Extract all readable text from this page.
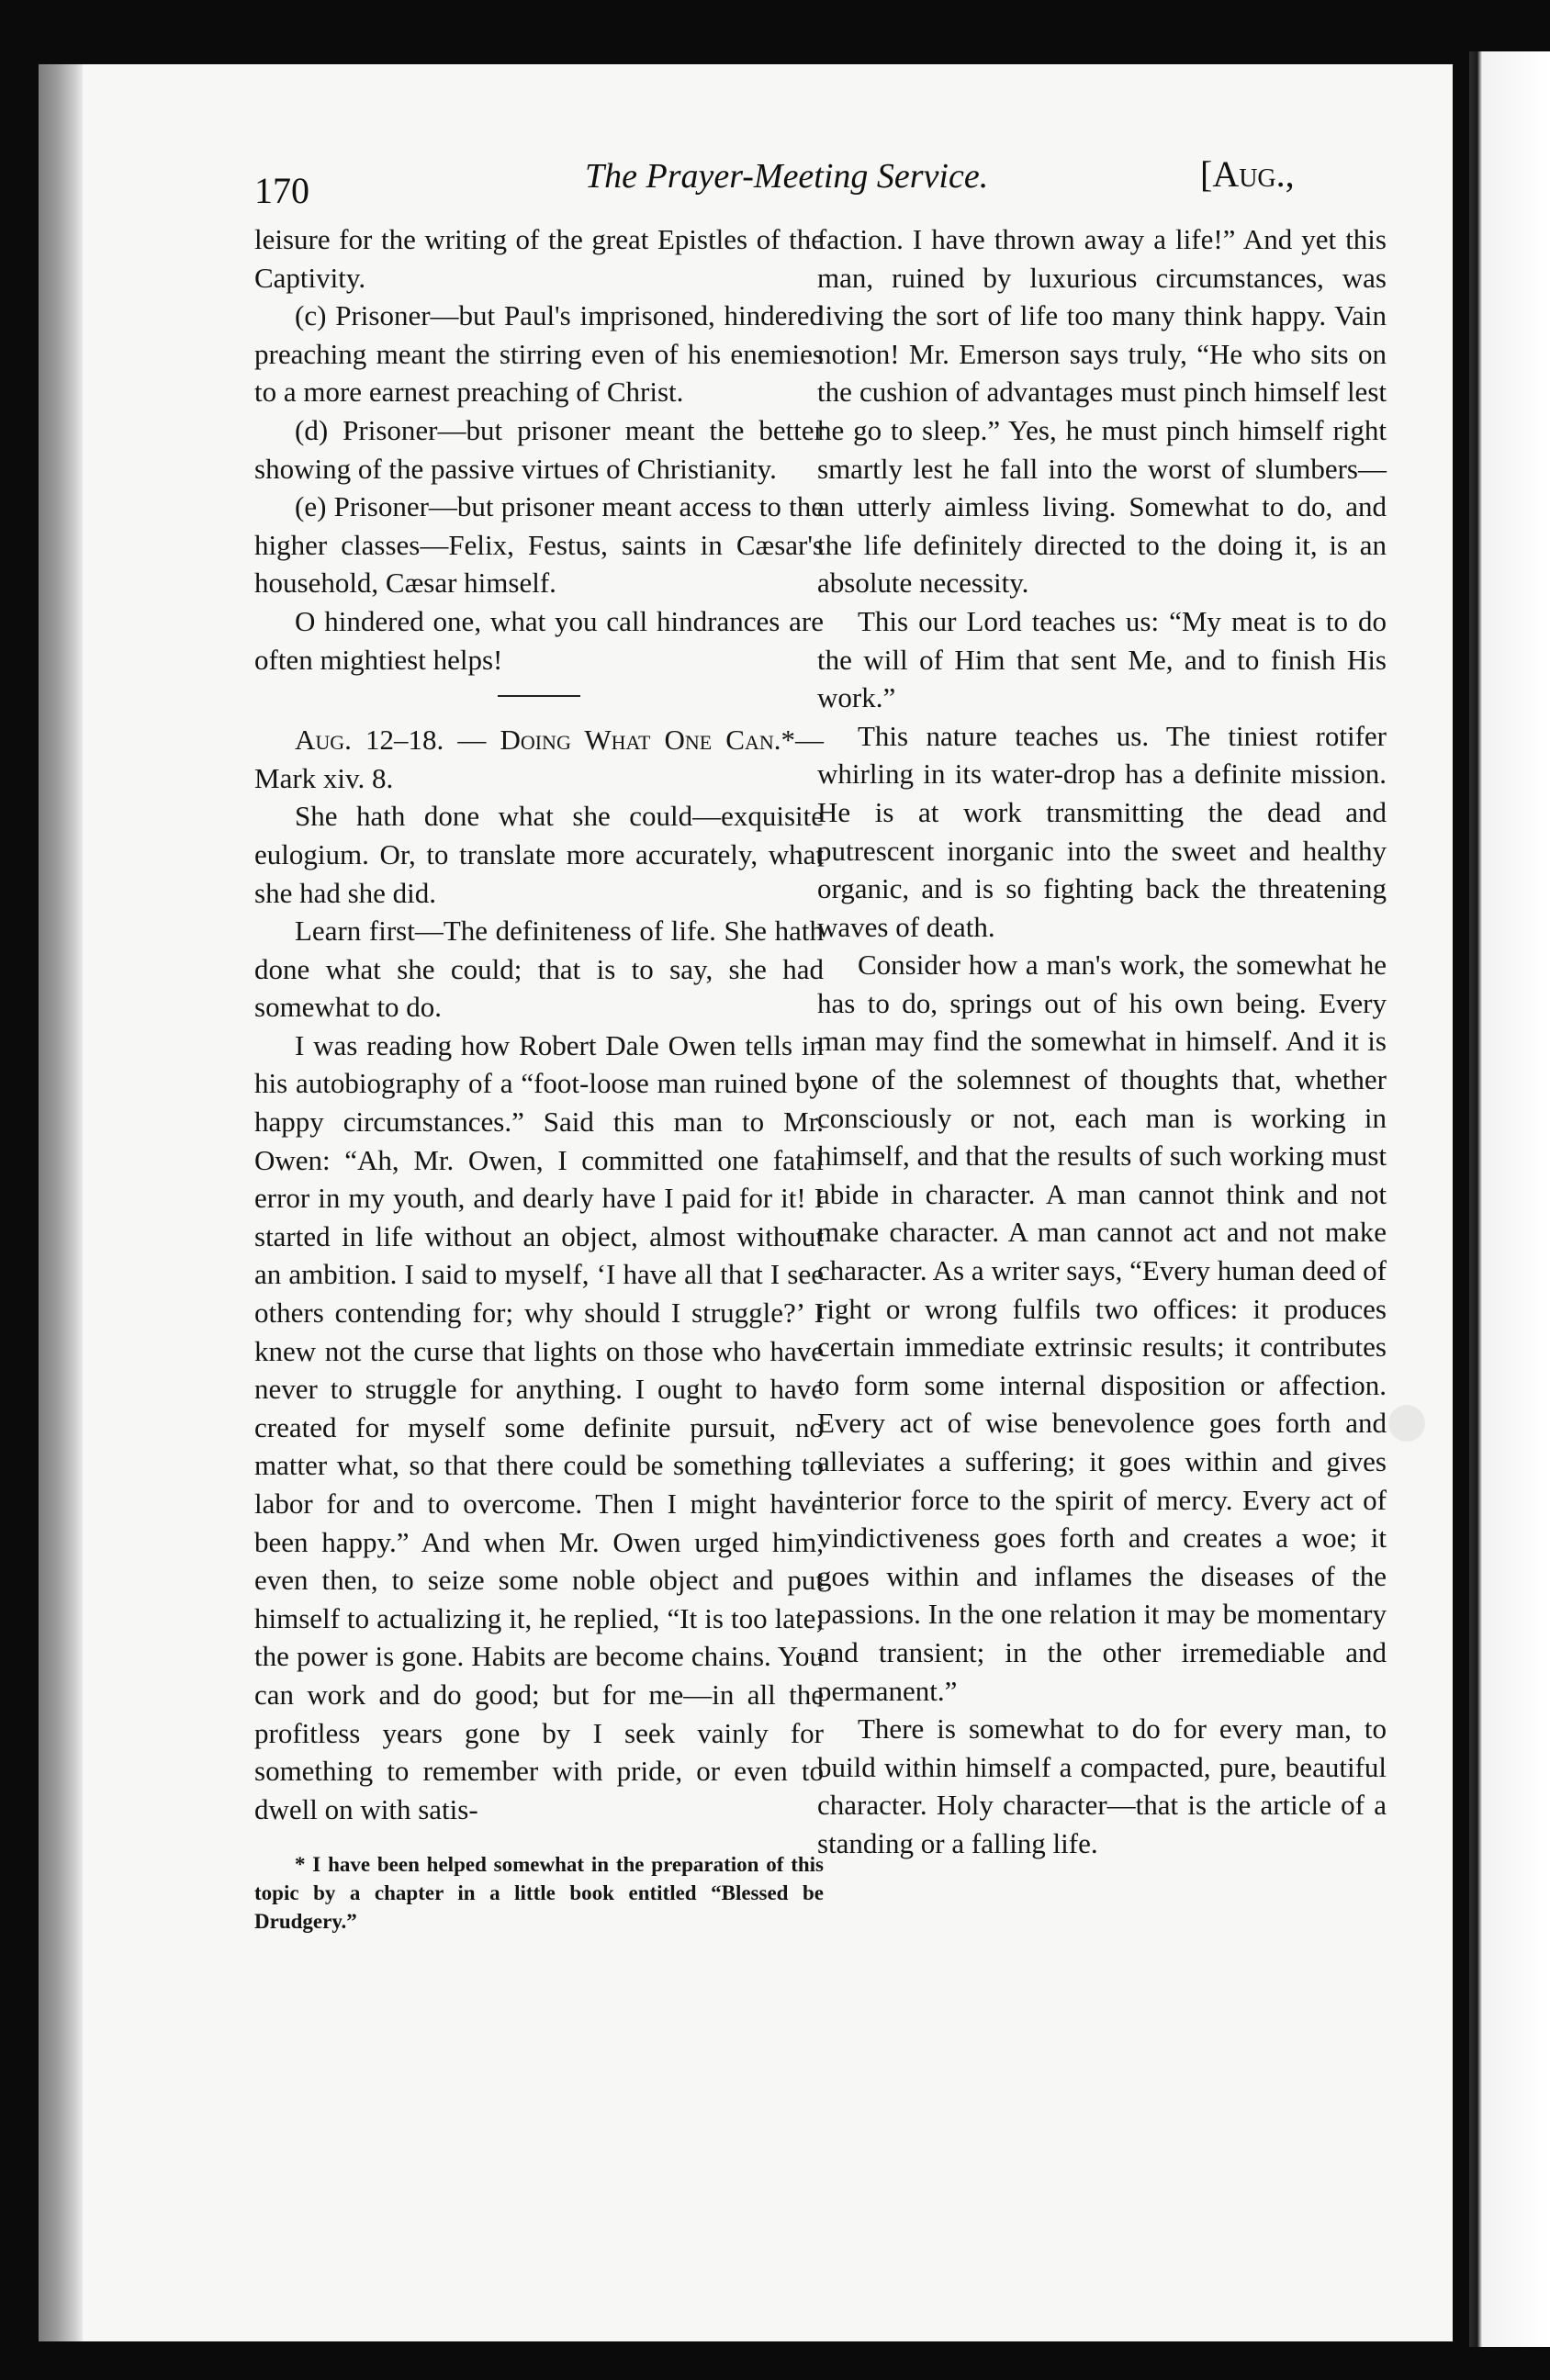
170	The Prayer-Meeting Service.	[Aug.,

leisure for the writing of the great Epistles of the Captivity.

(c) Prisoner—but Paul's imprisoned, hindered preaching meant the stirring even of his enemies to a more earnest preaching of Christ.

(d) Prisoner—but prisoner meant the better showing of the passive virtues of Christianity.

(e) Prisoner—but prisoner meant access to the higher classes—Felix, Festus, saints in Cæsar's household, Cæsar himself.

O hindered one, what you call hindrances are often mightiest helps!

Aug. 12–18. — Doing What One Can.*—Mark xiv. 8.

She hath done what she could—exquisite eulogium. Or, to translate more accurately, what she had she did.

Learn first—The definiteness of life. She hath done what she could; that is to say, she had somewhat to do.

I was reading how Robert Dale Owen tells in his autobiography of a “foot-loose man ruined by happy circumstances.” Said this man to Mr. Owen: “Ah, Mr. Owen, I committed one fatal error in my youth, and dearly have I paid for it! I started in life without an object, almost without an ambition. I said to myself, ‘I have all that I see others contending for; why should I struggle?’ I knew not the curse that lights on those who have never to struggle for anything. I ought to have created for myself some definite pursuit, no matter what, so that there could be something to labor for and to overcome. Then I might have been happy.” And when Mr. Owen urged him, even then, to seize some noble object and put himself to actualizing it, he replied, “It is too late; the power is gone. Habits are become chains. You can work and do good; but for me—in all the profitless years gone by I seek vainly for something to remember with pride, or even to dwell on with satis-

* I have been helped somewhat in the preparation of this topic by a chapter in a little book entitled “Blessed be Drudgery.”

faction. I have thrown away a life!” And yet this man, ruined by luxurious circumstances, was living the sort of life too many think happy. Vain notion! Mr. Emerson says truly, “He who sits on the cushion of advantages must pinch himself lest he go to sleep.” Yes, he must pinch himself right smartly lest he fall into the worst of slumbers—an utterly aimless living. Somewhat to do, and the life definitely directed to the doing it, is an absolute necessity.

This our Lord teaches us: “My meat is to do the will of Him that sent Me, and to finish His work.”

This nature teaches us. The tiniest rotifer whirling in its water-drop has a definite mission. He is at work transmitting the dead and putrescent inorganic into the sweet and healthy organic, and is so fighting back the threatening waves of death.

Consider how a man's work, the somewhat he has to do, springs out of his own being. Every man may find the somewhat in himself. And it is one of the solemnest of thoughts that, whether consciously or not, each man is working in himself, and that the results of such working must abide in character. A man cannot think and not make character. A man cannot act and not make character. As a writer says, “Every human deed of right or wrong fulfils two offices: it produces certain immediate extrinsic results; it contributes to form some internal disposition or affection. Every act of wise benevolence goes forth and alleviates a suffering; it goes within and gives interior force to the spirit of mercy. Every act of vindictiveness goes forth and creates a woe; it goes within and inflames the diseases of the passions. In the one relation it may be momentary and transient; in the other irremediable and permanent.”

There is somewhat to do for every man, to build within himself a compacted, pure, beautiful character. Holy character—that is the article of a standing or a falling life.
